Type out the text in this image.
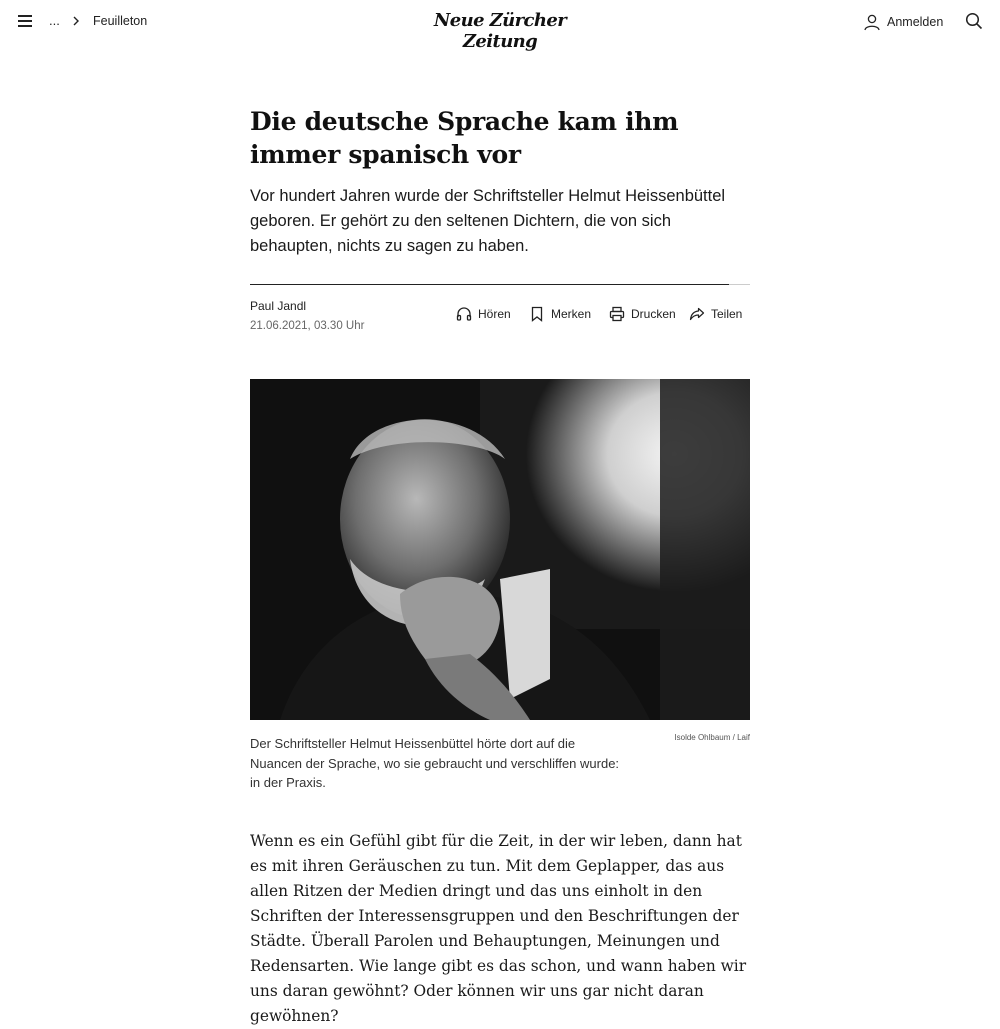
...	Feuilleton	Neue Zürcher Zeitung
Anmelden
Die deutsche Sprache kam ihm immer spanisch vor

Vor hundert Jahren wurde der Schriftsteller Helmut Heissenbüttel geboren. Er gehört zu den seltenen Dichtern, die von sich behaupten, nichts zu sagen zu haben.

Paul Jandl
21.06.2021, 03.30 Uhr
Hören	Merken	Drucken	Teilen
Isolde Ohlbaum / Laif

Der Schriftsteller Helmut Heissenbüttel hörte dort auf die Nuancen der Sprache, wo sie gebraucht und verschliffen wurde: in der Praxis.

Wenn es ein Gefühl gibt für die Zeit, in der wir leben, dann hat es mit ihren Geräuschen zu tun. Mit dem Geplapper, das aus allen Ritzen der Medien dringt und das uns einholt in den Schriften der Interessensgruppen und den Beschriftungen der Städte. Überall Parolen und Behauptungen, Meinungen und Redensarten. Wie lange gibt es das schon, und wann haben wir uns daran gewöhnt? Oder können wir uns gar nicht daran gewöhnen?
